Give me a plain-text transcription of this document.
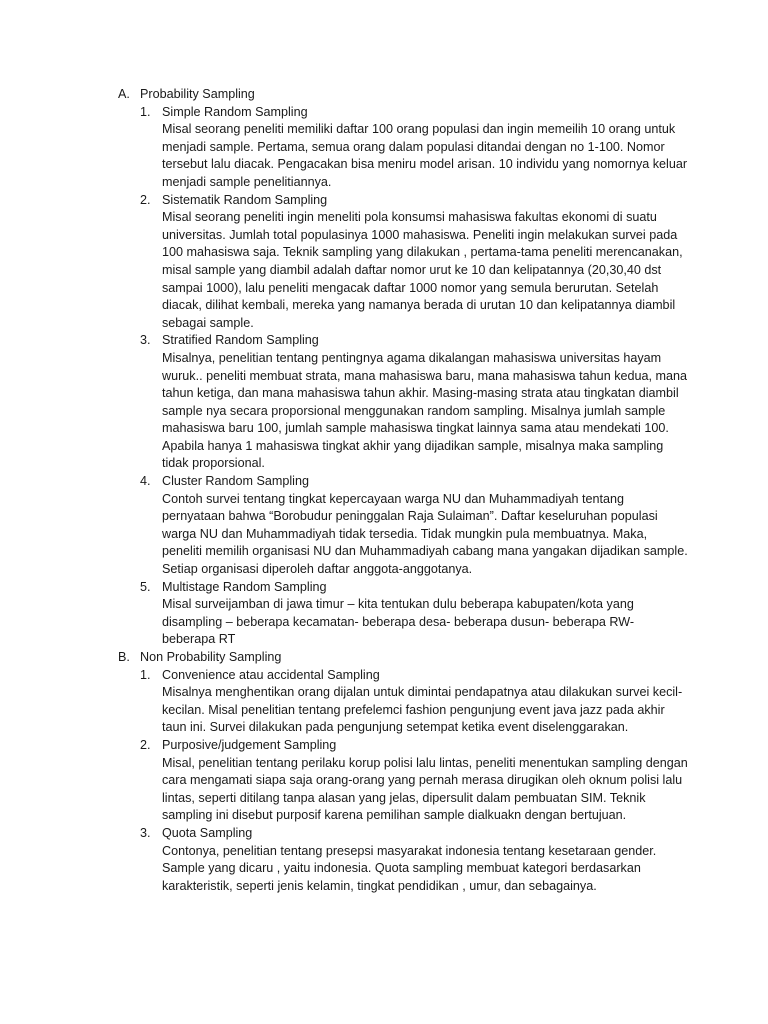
A. Probability Sampling
1. Simple Random Sampling
Misal seorang peneliti memiliki daftar 100 orang populasi dan ingin memeilih 10 orang untuk menjadi sample. Pertama, semua orang dalam populasi ditandai dengan no 1-100. Nomor tersebut lalu diacak. Pengacakan bisa meniru model arisan. 10 individu yang nomornya keluar menjadi sample penelitiannya.
2. Sistematik Random Sampling
Misal seorang peneliti ingin meneliti pola konsumsi mahasiswa fakultas ekonomi di suatu universitas. Jumlah total populasinya 1000 mahasiswa. Peneliti ingin melakukan survei pada 100 mahasiswa saja. Teknik sampling yang dilakukan , pertama-tama peneliti merencanakan, misal sample yang diambil adalah daftar nomor urut ke 10 dan kelipatannya (20,30,40 dst sampai 1000), lalu peneliti mengacak daftar 1000 nomor yang semula berurutan. Setelah diacak, dilihat kembali, mereka yang namanya berada di urutan 10 dan kelipatannya diambil sebagai sample.
3. Stratified Random Sampling
Misalnya, penelitian tentang pentingnya agama dikalangan mahasiswa universitas hayam wuruk.. peneliti membuat strata, mana mahasiswa baru, mana mahasiswa tahun kedua, mana tahun ketiga, dan mana mahasiswa tahun akhir. Masing-masing strata atau tingkatan diambil sample nya secara proporsional menggunakan random sampling. Misalnya jumlah sample mahasiswa baru 100, jumlah sample mahasiswa tingkat lainnya sama atau mendekati 100. Apabila hanya 1 mahasiswa tingkat akhir yang dijadikan sample, misalnya maka sampling tidak proporsional.
4. Cluster Random Sampling
Contoh survei tentang tingkat kepercayaan warga NU dan Muhammadiyah tentang pernyataan bahwa “Borobudur peninggalan Raja Sulaiman”. Daftar keseluruhan populasi warga NU dan Muhammadiyah tidak tersedia. Tidak mungkin pula membuatnya. Maka, peneliti memilih organisasi NU dan Muhammadiyah cabang mana yangakan dijadikan sample. Setiap organisasi diperoleh daftar anggota-anggotanya.
5. Multistage Random Sampling
Misal surveijamban di jawa timur – kita tentukan dulu beberapa kabupaten/kota yang disampling – beberapa kecamatan- beberapa desa- beberapa dusun- beberapa RW- beberapa RT
B. Non Probability Sampling
1. Convenience atau accidental Sampling
Misalnya menghentikan orang dijalan untuk dimintai pendapatnya atau dilakukan survei kecil-kecilan. Misal penelitian tentang prefelemci fashion pengunjung event java jazz pada akhir taun ini. Survei dilakukan pada pengunjung setempat ketika event diselenggarakan.
2. Purposive/judgement Sampling
Misal, penelitian tentang perilaku korup polisi lalu lintas, peneliti menentukan sampling dengan cara mengamati siapa saja orang-orang yang pernah merasa dirugikan oleh oknum polisi lalu lintas, seperti ditilang tanpa alasan yang jelas, dipersulit dalam pembuatan SIM. Teknik sampling ini disebut purposif karena pemilihan sample dialkuakn dengan bertujuan.
3. Quota Sampling
Contonya, penelitian tentang presepsi masyarakat indonesia tentang kesetaraan gender. Sample yang dicaru , yaitu indonesia. Quota sampling membuat kategori berdasarkan karakteristik, seperti jenis kelamin, tingkat pendidikan , umur, dan sebagainya.
